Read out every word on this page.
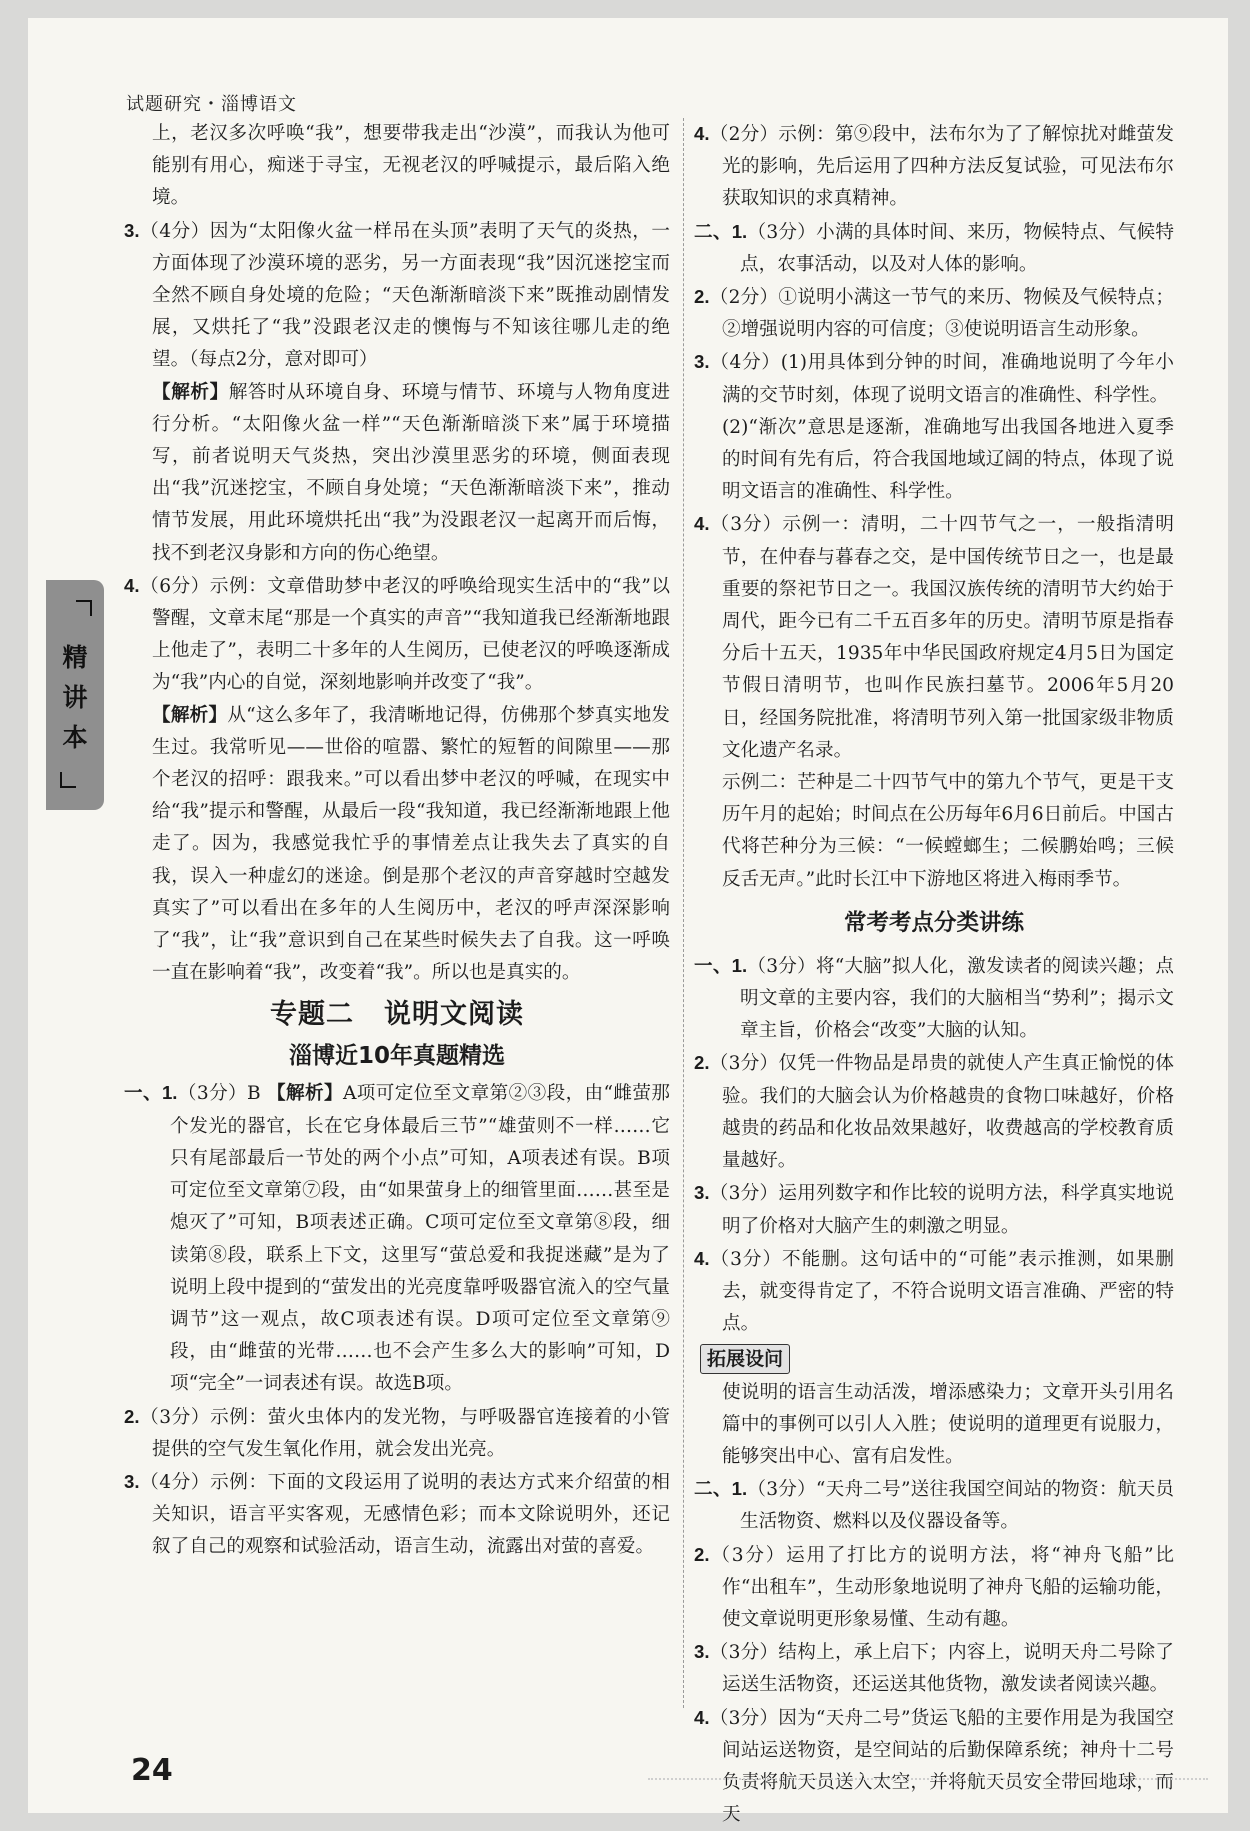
试题研究・淄博语文
精
讲
本

上，老汉多次呼唤“我”，想要带我走出“沙漠”，而我认为他可能别有用心，痴迷于寻宝，无视老汉的呼喊提示，最后陷入绝境。

3.（4分）因为“太阳像火盆一样吊在头顶”表明了天气的炎热，一方面体现了沙漠环境的恶劣，另一方面表现“我”因沉迷挖宝而全然不顾自身处境的危险；“天色渐渐暗淡下来”既推动剧情发展，又烘托了“我”没跟老汉走的懊悔与不知该往哪儿走的绝望。（每点2分，意对即可）

【解析】解答时从环境自身、环境与情节、环境与人物角度进行分析。“太阳像火盆一样”“天色渐渐暗淡下来”属于环境描写，前者说明天气炎热，突出沙漠里恶劣的环境，侧面表现出“我”沉迷挖宝，不顾自身处境；“天色渐渐暗淡下来”，推动情节发展，用此环境烘托出“我”为没跟老汉一起离开而后悔，找不到老汉身影和方向的伤心绝望。

4.（6分）示例：文章借助梦中老汉的呼唤给现实生活中的“我”以警醒，文章末尾“那是一个真实的声音”“我知道我已经渐渐地跟上他走了”，表明二十多年的人生阅历，已使老汉的呼唤逐渐成为“我”内心的自觉，深刻地影响并改变了“我”。

【解析】从“这么多年了，我清晰地记得，仿佛那个梦真实地发生过。我常听见——世俗的喧嚣、繁忙的短暂的间隙里——那个老汉的招呼：跟我来。”可以看出梦中老汉的呼喊，在现实中给“我”提示和警醒，从最后一段“我知道，我已经渐渐地跟上他走了。因为，我感觉我忙乎的事情差点让我失去了真实的自我，误入一种虚幻的迷途。倒是那个老汉的声音穿越时空越发真实了”可以看出在多年的人生阅历中，老汉的呼声深深影响了“我”，让“我”意识到自己在某些时候失去了自我。这一呼唤一直在影响着“我”，改变着“我”。所以也是真实的。

专题二 说明文阅读
淄博近10年真题精选

一、1.（3分）B 【解析】A项可定位至文章第②③段，由“雌萤那个发光的器官，长在它身体最后三节”“雄萤则不一样……它只有尾部最后一节处的两个小点”可知，A项表述有误。B项可定位至文章第⑦段，由“如果萤身上的细管里面……甚至是熄灭了”可知，B项表述正确。C项可定位至文章第⑧段，细读第⑧段，联系上下文，这里写“萤总爱和我捉迷藏”是为了说明上段中提到的“萤发出的光亮度靠呼吸器官流入的空气量调节”这一观点，故C项表述有误。D项可定位至文章第⑨段，由“雌萤的光带……也不会产生多么大的影响”可知，D项“完全”一词表述有误。故选B项。

2.（3分）示例：萤火虫体内的发光物，与呼吸器官连接着的小管提供的空气发生氧化作用，就会发出光亮。

3.（4分）示例：下面的文段运用了说明的表达方式来介绍萤的相关知识，语言平实客观，无感情色彩；而本文除说明外，还记叙了自己的观察和试验活动，语言生动，流露出对萤的喜爱。

4.（2分）示例：第⑨段中，法布尔为了了解惊扰对雌萤发光的影响，先后运用了四种方法反复试验，可见法布尔获取知识的求真精神。

二、1.（3分）小满的具体时间、来历，物候特点、气候特点，农事活动，以及对人体的影响。

2.（2分）①说明小满这一节气的来历、物候及气候特点；②增强说明内容的可信度；③使说明语言生动形象。

3.（4分）(1)用具体到分钟的时间，准确地说明了今年小满的交节时刻，体现了说明文语言的准确性、科学性。

(2)“渐次”意思是逐渐，准确地写出我国各地进入夏季的时间有先有后，符合我国地域辽阔的特点，体现了说明文语言的准确性、科学性。

4.（3分）示例一：清明，二十四节气之一，一般指清明节，在仲春与暮春之交，是中国传统节日之一，也是最重要的祭祀节日之一。我国汉族传统的清明节大约始于周代，距今已有二千五百多年的历史。清明节原是指春分后十五天，1935年中华民国政府规定4月5日为国定节假日清明节，也叫作民族扫墓节。2006年5月20日，经国务院批准，将清明节列入第一批国家级非物质文化遗产名录。

示例二：芒种是二十四节气中的第九个节气，更是干支历午月的起始；时间点在公历每年6月6日前后。中国古代将芒种分为三候：“一候螳螂生；二候鹏始鸣；三候反舌无声。”此时长江中下游地区将进入梅雨季节。

常考考点分类讲练

一、1.（3分）将“大脑”拟人化，激发读者的阅读兴趣；点明文章的主要内容，我们的大脑相当“势利”；揭示文章主旨，价格会“改变”大脑的认知。

2.（3分）仅凭一件物品是昂贵的就使人产生真正愉悦的体验。我们的大脑会认为价格越贵的食物口味越好，价格越贵的药品和化妆品效果越好，收费越高的学校教育质量越好。

3.（3分）运用列数字和作比较的说明方法，科学真实地说明了价格对大脑产生的刺激之明显。

4.（3分）不能删。这句话中的“可能”表示推测，如果删去，就变得肯定了，不符合说明文语言准确、严密的特点。

拓展设问

使说明的语言生动活泼，增添感染力；文章开头引用名篇中的事例可以引人入胜；使说明的道理更有说服力，能够突出中心、富有启发性。

二、1.（3分）“天舟二号”送往我国空间站的物资：航天员生活物资、燃料以及仪器设备等。

2.（3分）运用了打比方的说明方法，将“神舟飞船”比作“出租车”，生动形象地说明了神舟飞船的运输功能，使文章说明更形象易懂、生动有趣。

3.（3分）结构上，承上启下；内容上，说明天舟二号除了运送生活物资，还运送其他货物，激发读者阅读兴趣。

4.（3分）因为“天舟二号”货运飞船的主要作用是为我国空间站运送物资，是空间站的后勤保障系统；神舟十二号负责将航天员送入太空，并将航天员安全带回地球，而天

24
